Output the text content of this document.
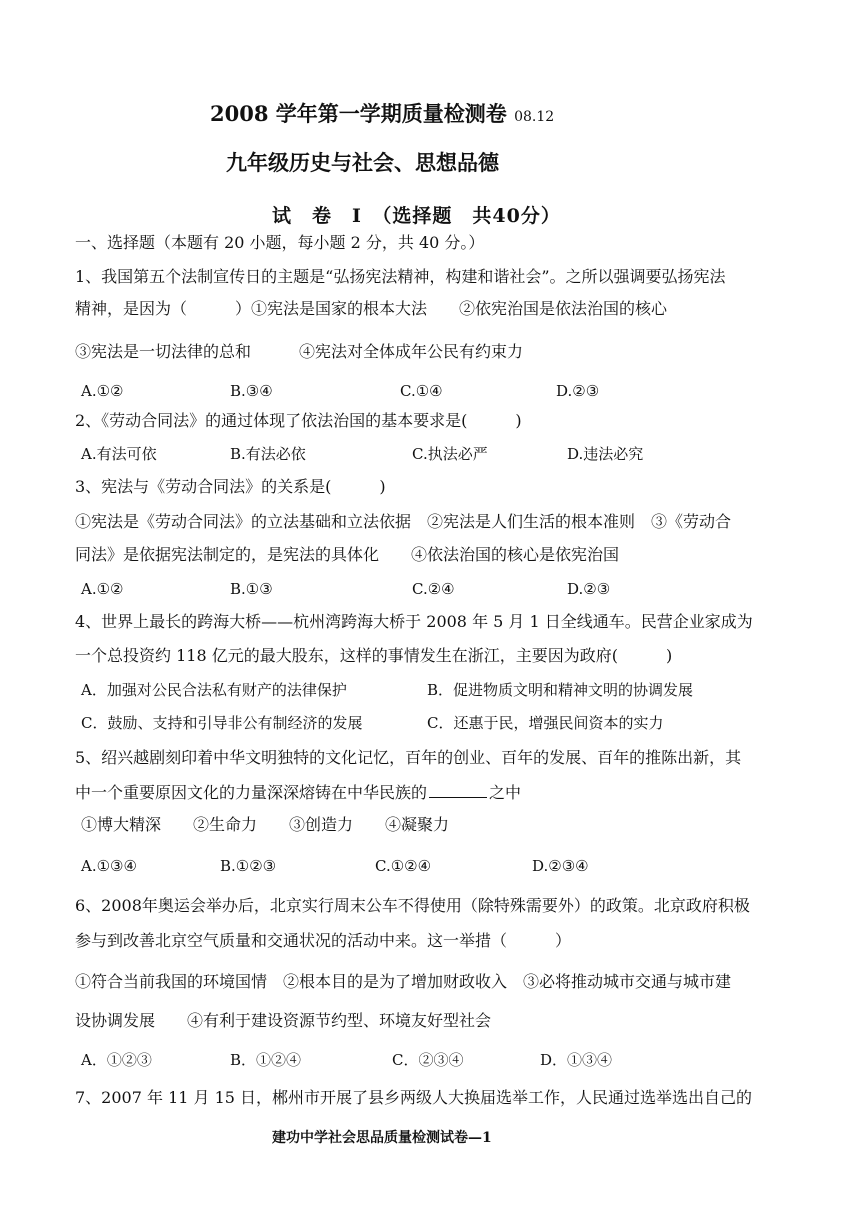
2008 学年第一学期质量检测卷 08.12
九年级历史与社会、思想品德
试　卷　Ⅰ　（选择题　共40分）
一、选择题（本题有 20 小题，每小题 2 分，共 40 分。）
1、我国第五个法制宣传日的主题是“弘扬宪法精神，构建和谐社会”。之所以强调要弘扬宪法
精神，是因为（　　　）①宪法是国家的根本大法　　②依宪治国是依法治国的核心
③宪法是一切法律的总和　　　④宪法对全体成年公民有约束力
A.①②	B.③④	C.①④	D.②③
2、《劳动合同法》的通过体现了依法治国的基本要求是(　　　)
A.有法可依	B.有法必依	C.执法必严	D.违法必究
3、宪法与《劳动合同法》的关系是(　　　)
①宪法是《劳动合同法》的立法基础和立法依据　②宪法是人们生活的根本准则　③《劳动合
同法》是依据宪法制定的，是宪法的具体化　　④依法治国的核心是依宪治国
A.①②	B.①③	C.②④	D.②③
4、世界上最长的跨海大桥——杭州湾跨海大桥于 2008 年 5 月 1 日全线通车。民营企业家成为
一个总投资约 118 亿元的最大股东，这样的事情发生在浙江，主要因为政府(　　　)
A．加强对公民合法私有财产的法律保护	B．促进物质文明和精神文明的协调发展
C．鼓励、支持和引导非公有制经济的发展	C．还惠于民，增强民间资本的实力
5、绍兴越剧刻印着中华文明独特的文化记忆，百年的创业、百年的发展、百年的推陈出新，其
中一个重要原因文化的力量深深熔铸在中华民族的	之中
①博大精深　　②生命力　　③创造力　　④凝聚力
A.①③④	B.①②③	C.①②④	D.②③④
6、2008年奥运会举办后，北京实行周末公车不得使用（除特殊需要外）的政策。北京政府积极
参与到改善北京空气质量和交通状况的活动中来。这一举措（　　　）
①符合当前我国的环境国情　②根本目的是为了增加财政收入　③必将推动城市交通与城市建
设协调发展　　④有利于建设资源节约型、环境友好型社会
A．①②③	B．①②④	C．②③④	D．①③④
7、2007 年 11 月 15 日，郴州市开展了县乡两级人大换届选举工作，人民通过选举选出自己的
建功中学社会思品质量检测试卷—1
